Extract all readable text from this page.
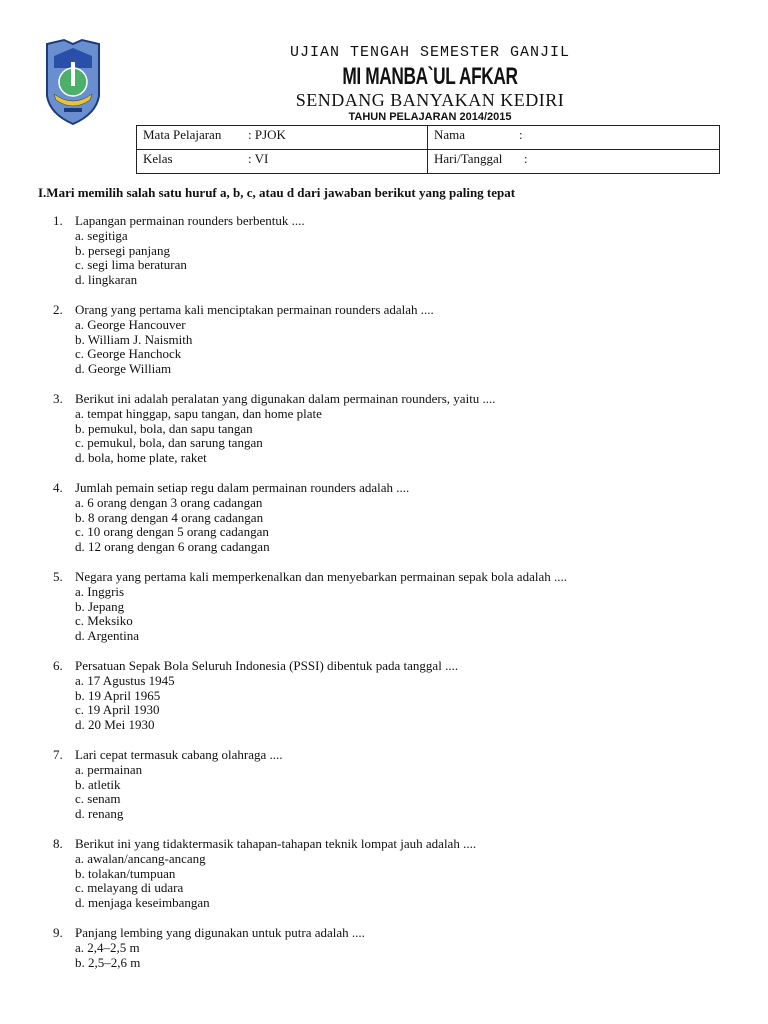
UJIAN TENGAH SEMESTER GANJIL
MI MANBA`UL AFKAR
SENDANG BANYAKAN KEDIRI
TAHUN PELAJARAN 2014/2015
Mata Pelajaran : PJOK	Nama :
Kelas : VI	Hari/Tanggal :
I.Mari memilih salah satu huruf a, b, c, atau d dari jawaban berikut yang paling tepat
1. Lapangan permainan rounders berbentuk ....
a. segitiga
b. persegi panjang
c. segi lima beraturan
d. lingkaran
2. Orang yang pertama kali menciptakan permainan rounders adalah ....
a. George Hancouver
b. William J. Naismith
c. George Hanchock
d. George William
3. Berikut ini adalah peralatan yang digunakan dalam permainan rounders, yaitu ....
a. tempat hinggap, sapu tangan, dan home plate
b. pemukul, bola, dan sapu tangan
c. pemukul, bola, dan sarung tangan
d. bola, home plate, raket
4. Jumlah pemain setiap regu dalam permainan rounders adalah ....
a. 6 orang dengan 3 orang cadangan
b. 8 orang dengan 4 orang cadangan
c. 10 orang dengan 5 orang cadangan
d. 12 orang dengan 6 orang cadangan
5. Negara yang pertama kali memperkenalkan dan menyebarkan permainan sepak bola adalah ....
a. Inggris
b. Jepang
c. Meksiko
d. Argentina
6. Persatuan Sepak Bola Seluruh Indonesia (PSSI) dibentuk pada tanggal ....
a. 17 Agustus 1945
b. 19 April 1965
c. 19 April 1930
d. 20 Mei 1930
7. Lari cepat termasuk cabang olahraga ....
a. permainan
b. atletik
c. senam
d. renang
8. Berikut ini yang tidaktermasik tahapan-tahapan teknik lompat jauh adalah ....
a. awalan/ancang-ancang
b. tolakan/tumpuan
c. melayang di udara
d. menjaga keseimbangan
9. Panjang lembing yang digunakan untuk putra adalah ....
a. 2,4–2,5 m
b. 2,5–2,6 m
